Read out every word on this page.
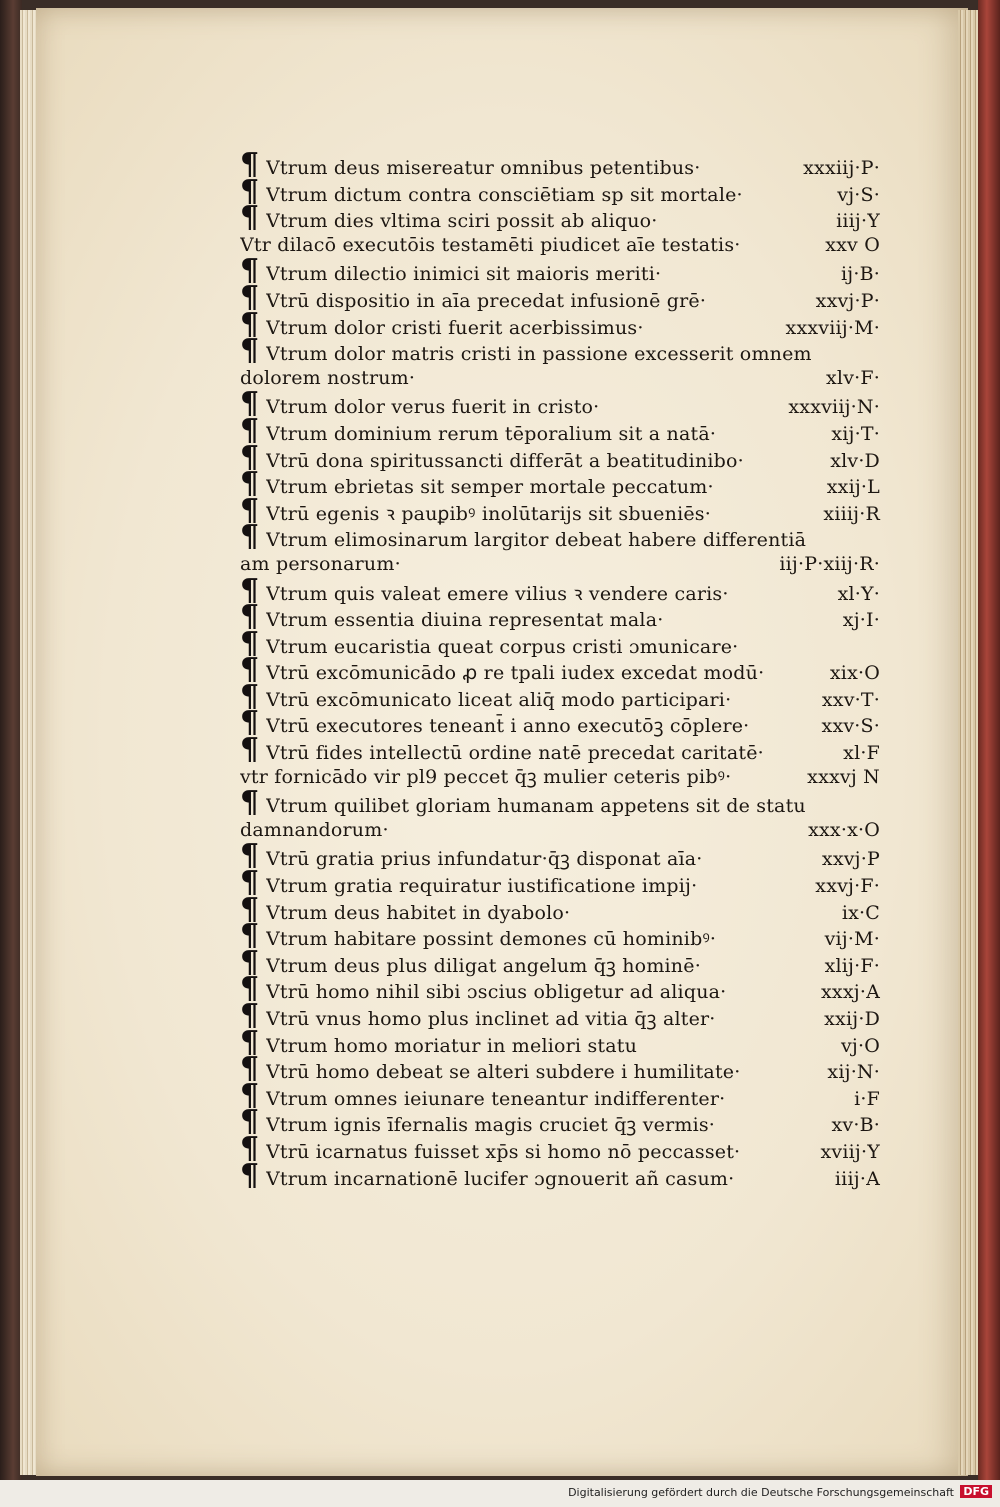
¶ Vtrum deus misereatur omnibus petentibus·	xxxiij·P·
¶ Vtrum dictum contra consciētiam sp sit mortale·	vj·S·
¶ Vtrum dies vltima sciri possit ab aliquo·	iiij·Y
Vtr dilacō executōis testamēti piudicet aīe testatis·	xxv O
¶ Vtrum dilectio inimici sit maioris meriti·	ij·B·
¶ Vtrū dispositio in aīa precedat infusionē grē·	xxvj·P·
¶ Vtrum dolor cristi fuerit acerbissimus·	xxxviij·M·
¶ Vtrum dolor matris cristi in passione excesserit omnem
dolorem nostrum·	xlv·F·
¶ Vtrum dolor verus fuerit in cristo·	xxxviij·N·
¶ Vtrum dominium rerum tēporalium sit a natā·	xij·T·
¶ Vtrū dona spiritussancti differāt a beatitudinibo·	xlv·D
¶ Vtrum ebrietas sit semper mortale peccatum·	xxij·L
¶ Vtrū egenis ꝛ pauꝑibꝰ inolūtarijs sit sbueniēs·	xiiij·R
¶ Vtrum elimosinarum largitor debeat habere differentiā
am personarum·	iij·P·xiij·R·
¶ Vtrum quis valeat emere vilius ꝛ vendere caris·	xl·Y·
¶ Vtrum essentia diuina representat mala·	xj·I·
¶ Vtrum eucaristia queat corpus cristi ɔmunicare·
¶ Vtrū excōmunicādo ꝓ re tpali iudex excedat modū·	xix·O
¶ Vtrū excōmunicato liceat aliq̄ modo participari·	xxv·T·
¶ Vtrū executores teneant̄ i anno executōꝫ cōplere·	xxv·S·
¶ Vtrū fides intellectū ordine natē precedat caritatē·	xl·F
vtr fornicādo vir pl9 peccet q̄ꝫ mulier ceteris pibꝰ·	xxxvj N
¶ Vtrum quilibet gloriam humanam appetens sit de statu
damnandorum·	xxx·x·O
¶ Vtrū gratia prius infundatur·q̄ꝫ disponat aīa·	xxvj·P
¶ Vtrum gratia requiratur iustificatione impij·	xxvj·F·
¶ Vtrum deus habitet in dyabolo·	ix·C
¶ Vtrum habitare possint demones cū hominibꝰ·	vij·M·
¶ Vtrum deus plus diligat angelum q̄ꝫ hominē·	xlij·F·
¶ Vtrū homo nihil sibi ɔscius obligetur ad aliqua·	xxxj·A
¶ Vtrū vnus homo plus inclinet ad vitia q̄ꝫ alter·	xxij·D
¶ Vtrum homo moriatur in meliori statu	vj·O
¶ Vtrū homo debeat se alteri subdere i humilitate·	xij·N·
¶ Vtrum omnes ieiunare teneantur indifferenter·	i·F
¶ Vtrum ignis īfernalis magis cruciet q̄ꝫ vermis·	xv·B·
¶ Vtrū icarnatus fuisset xp̄s si homo nō peccasset·	xviij·Y
¶ Vtrum incarnationē lucifer ɔgnouerit añ casum·	iiij·A
Digitalisierung gefördert durch die Deutsche Forschungsgemeinschaft DFG
